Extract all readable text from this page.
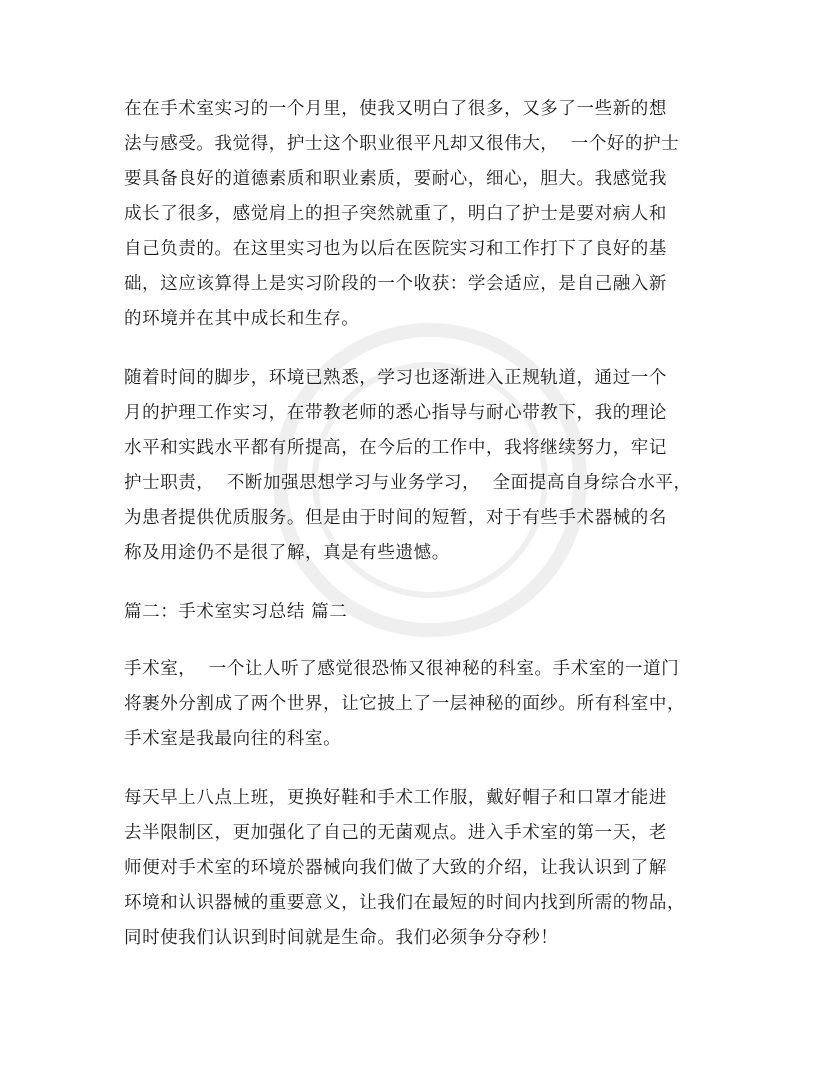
在在手术室实习的一个月里，使我又明白了很多，又多了一些新的想
法与感受。我觉得，护士这个职业很平凡却又很伟大，  一个好的护士
要具备良好的道德素质和职业素质，要耐心，细心，胆大。我感觉我
成长了很多，感觉肩上的担子突然就重了，明白了护士是要对病人和
自己负责的。在这里实习也为以后在医院实习和工作打下了良好的基
础，这应该算得上是实习阶段的一个收获：学会适应，是自己融入新
的环境并在其中成长和生存。

随着时间的脚步，环境已熟悉，学习也逐渐进入正规轨道，通过一个
月的护理工作实习，在带教老师的悉心指导与耐心带教下，我的理论
水平和实践水平都有所提高，在今后的工作中，我将继续努力，牢记
护士职责，  不断加强思想学习与业务学习，  全面提高自身综合水平，
为患者提供优质服务。但是由于时间的短暂，对于有些手术器械的名
称及用途仍不是很了解，真是有些遗憾。

篇二：手术室实习总结 篇二

手术室，  一个让人听了感觉很恐怖又很神秘的科室。手术室的一道门
将裹外分割成了两个世界，让它披上了一层神秘的面纱。所有科室中，
手术室是我最向往的科室。

每天早上八点上班，更换好鞋和手术工作服，戴好帽子和口罩才能进
去半限制区，更加强化了自己的无菌观点。进入手术室的第一天，老
师便对手术室的环境於器械向我们做了大致的介绍，让我认识到了解
环境和认识器械的重要意义，让我们在最短的时间内找到所需的物品，
同时使我们认识到时间就是生命。我们必须争分夺秒！
